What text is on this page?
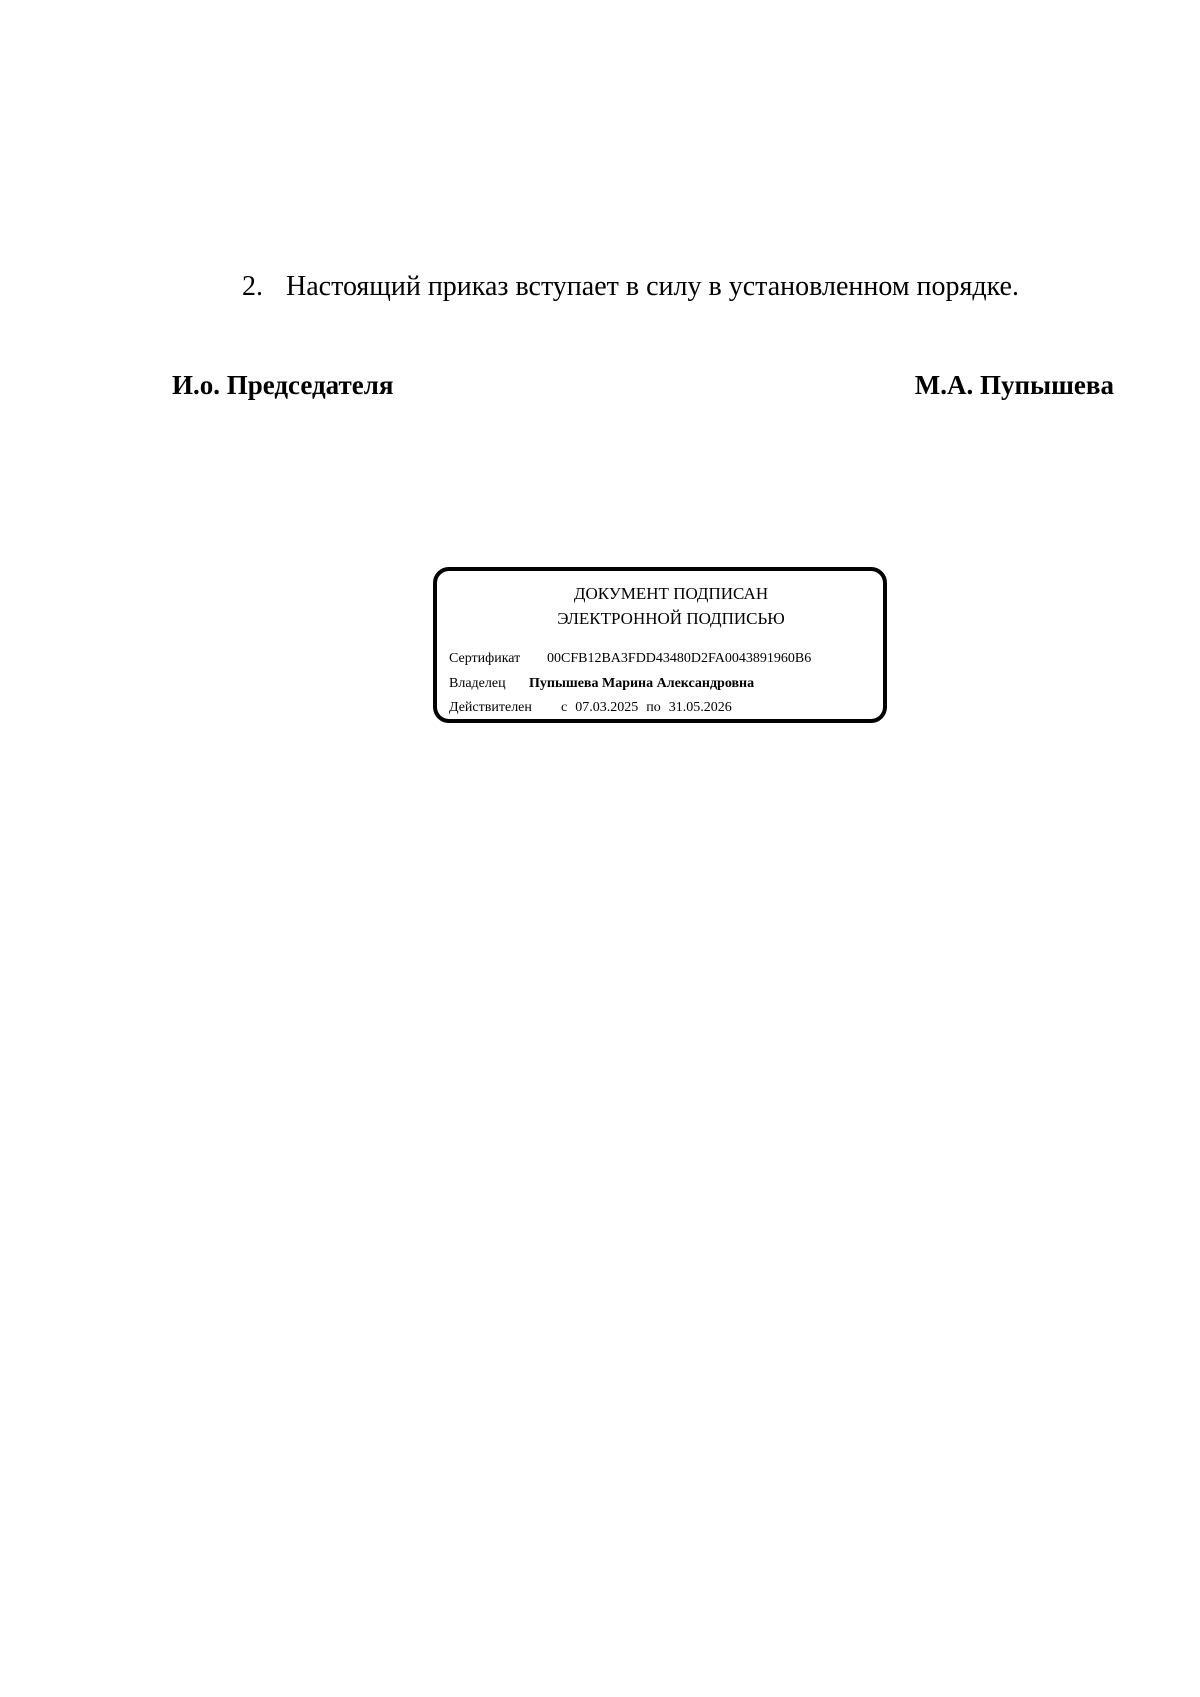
2. Настоящий приказ вступает в силу в установленном порядке.
И.о. Председателя	М.А. Пупышева
ДОКУМЕНТ ПОДПИСАН
ЭЛЕКТРОННОЙ ПОДПИСЬЮ
Сертификат 00CFB12BA3FDD43480D2FA0043891960B6
Владелец Пупышева Марина Александровна
Действителен с 07.03.2025 по 31.05.2026
